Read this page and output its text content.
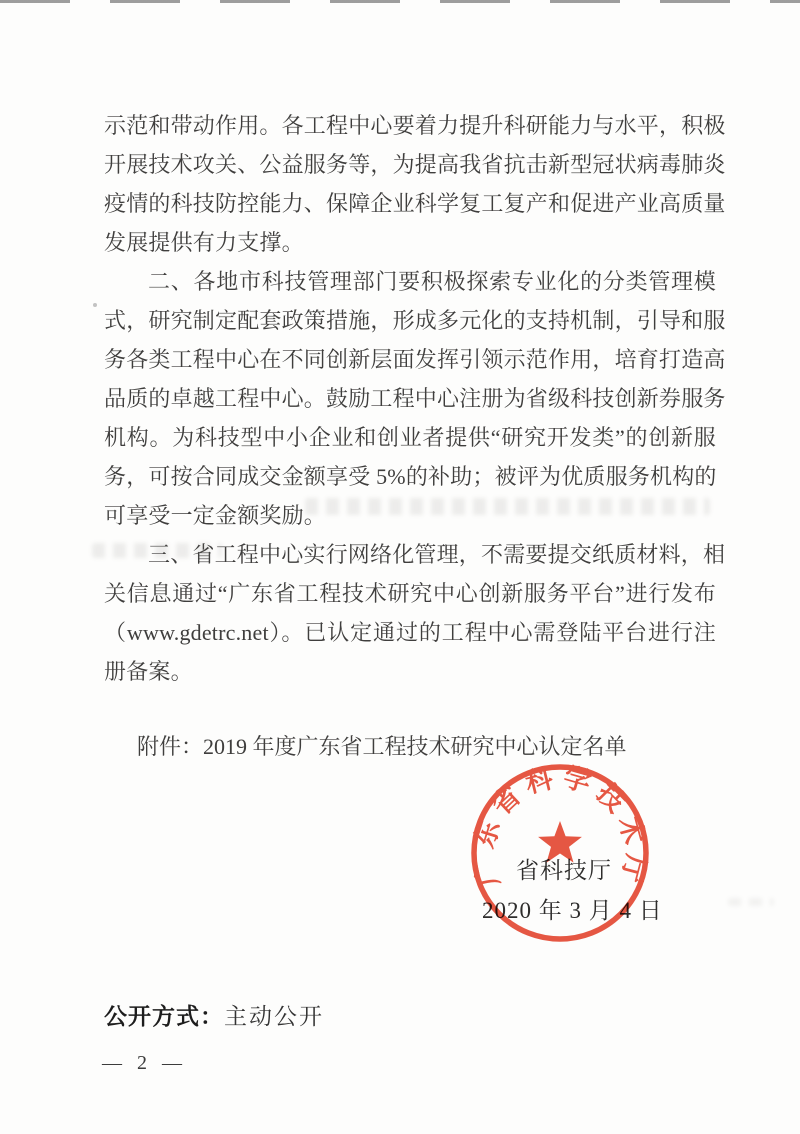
示范和带动作用。各工程中心要着力提升科研能力与水平，积极
开展技术攻关、公益服务等，为提高我省抗击新型冠状病毒肺炎
疫情的科技防控能力、保障企业科学复工复产和促进产业高质量
发展提供有力支撑。
二、各地市科技管理部门要积极探索专业化的分类管理模
式，研究制定配套政策措施，形成多元化的支持机制，引导和服
务各类工程中心在不同创新层面发挥引领示范作用，培育打造高
品质的卓越工程中心。鼓励工程中心注册为省级科技创新券服务
机构。为科技型中小企业和创业者提供“研究开发类”的创新服
务，可按合同成交金额享受 5%的补助；被评为优质服务机构的
可享受一定金额奖励。
三、省工程中心实行网络化管理，不需要提交纸质材料，相
关信息通过“广东省工程技术研究中心创新服务平台”进行发布
（www.gdetrc.net）。已认定通过的工程中心需登陆平台进行注
册备案。
附件：2019 年度广东省工程技术研究中心认定名单
省科技厅
2020 年 3 月 4 日
广东省科学技术厅
公开方式：主动公开
— 2 —
